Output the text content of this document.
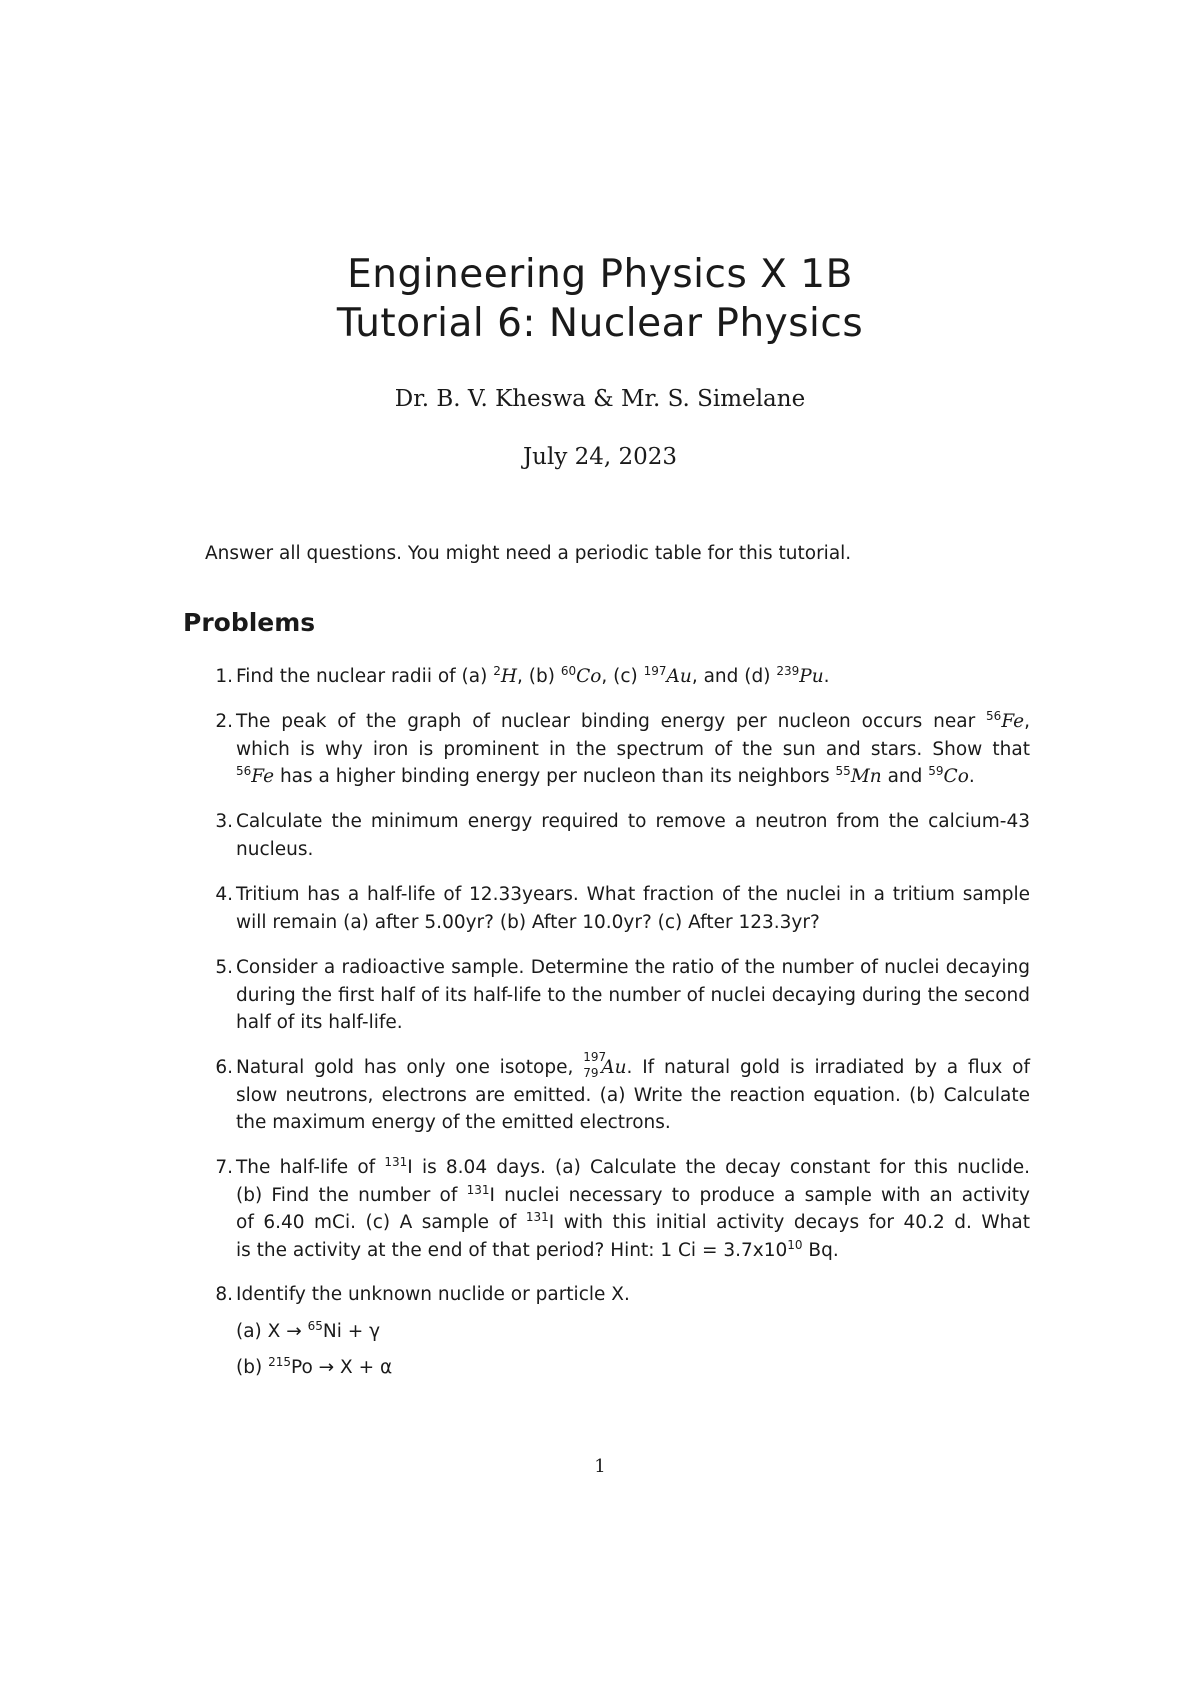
Engineering Physics X 1B
Tutorial 6: Nuclear Physics
Dr. B. V. Kheswa & Mr. S. Simelane
July 24, 2023
Answer all questions. You might need a periodic table for this tutorial.
Problems
1. Find the nuclear radii of (a) $^2$H, (b) $^{60}$Co, (c) $^{197}$Au, and (d) $^{239}$Pu.
2. The peak of the graph of nuclear binding energy per nucleon occurs near $^{56}$Fe,
which is why iron is prominent in the spectrum of the sun and stars. Show that
$^{56}$Fe has a higher binding energy per nucleon than its neighbors $^{55}$Mn and $^{59}$Co.
3. Calculate the minimum energy required to remove a neutron from the calcium-43
nucleus.
4. Tritium has a half-life of 12.33years. What fraction of the nuclei in a tritium sample
will remain (a) after 5.00yr? (b) After 10.0yr? (c) After 123.3yr?
5. Consider a radioactive sample. Determine the ratio of the number of nuclei decaying
during the first half of its half-life to the number of nuclei decaying during the second
half of its half-life.
6. Natural gold has only one isotope, 197
79 Au. If natural gold is irradiated by a flux of
slow neutrons, electrons are emitted. (a) Write the reaction equation. (b) Calculate
the maximum energy of the emitted electrons.
7. The half-life of $^{131}$I is 8.04 days. (a) Calculate the decay constant for this nuclide.
(b) Find the number of $^{131}$I nuclei necessary to produce a sample with an activity
of 6.40 mCi. (c) A sample of $^{131}$I with this initial activity decays for 40.2 d. What
is the activity at the end of that period? Hint: 1 $Ci = 3.7x10^{10}$ Bq.
8. Identify the unknown nuclide or particle X.
(a) X → $^{65}$Ni + γ
(b) $^{215}$Po → X + α
1
